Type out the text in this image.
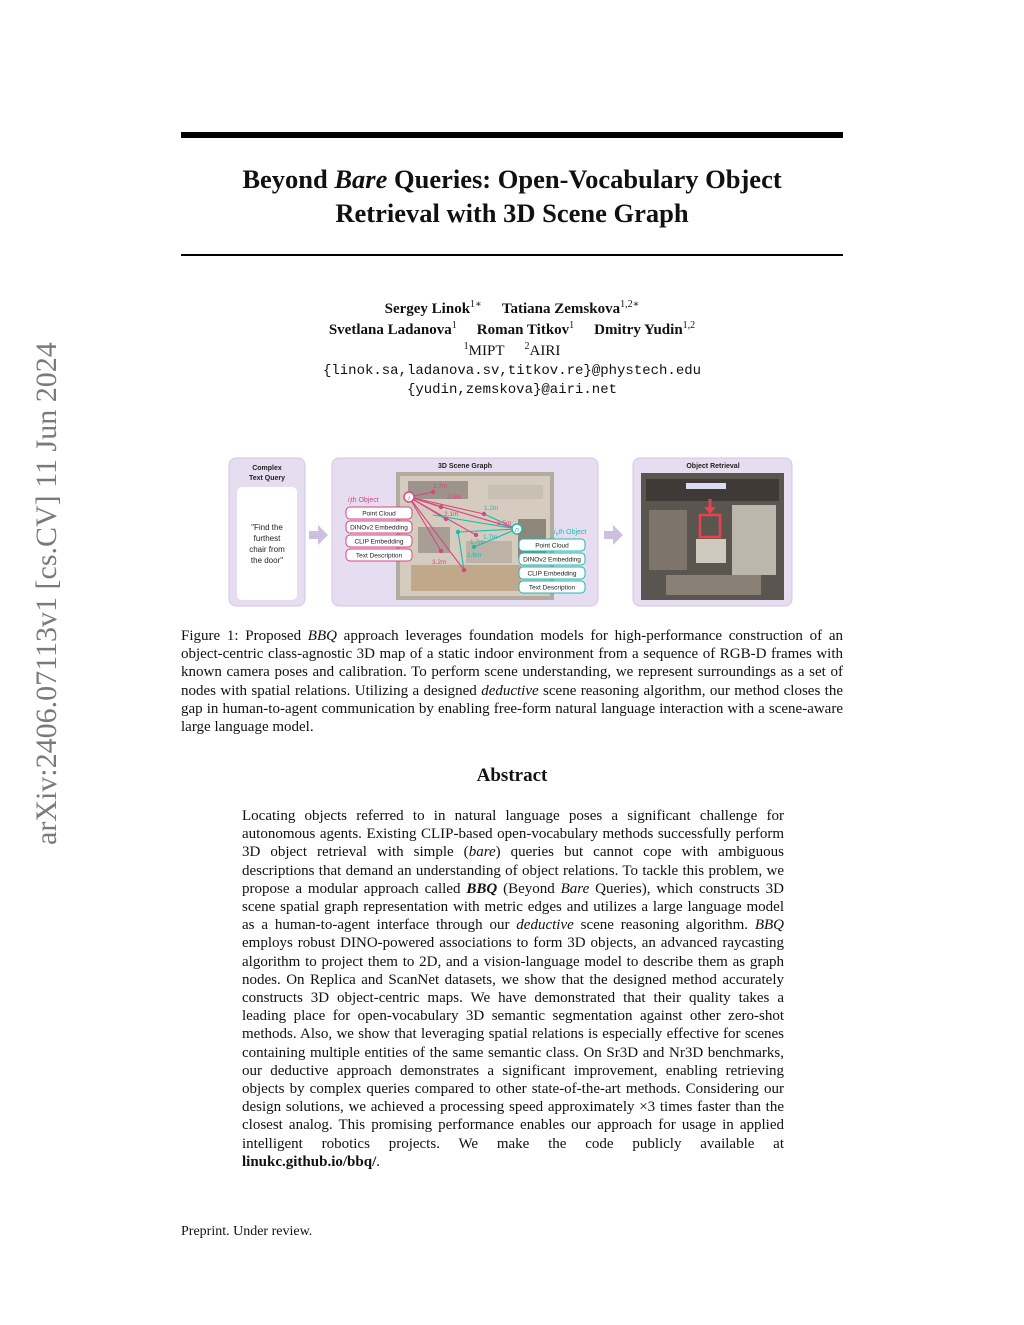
arXiv:2406.07113v1 [cs.CV] 11 Jun 2024
Beyond Bare Queries: Open-Vocabulary Object
Retrieval with 3D Scene Graph
Sergey Linok$^{1∗}$ Tatiana Zemskova$^{1,2∗}$
Svetlana Ladanova$^1$ Roman Titkov$^1$ Dmitry Yudin$^{1,2}$
$^1$MIPT $^2$AIRI
{linok.sa,ladanova.sv,titkov.re}@phystech.edu
{yudin,zemskova}@airi.net
Complex
Text Query
"Find the
furthest
chair from
the door"
3D Scene Graph
1.7m
2.5m
2.1m
1.2m
3.5m
1.7m
3.2m
1.6m
1.7m
i
$i_jth$ Object
Point Cloud
DINOv2 Embedding
CLIP Embedding
Text Description
n	$i_nth$ Object
Point Cloud
DINOv2 Embedding
CLIP Embedding
Text Description
Object Retrieval
Figure 1: Proposed BBQ approach leverages foundation models for high-performance construction of an object-centric class-agnostic 3D map of a static indoor environment from a sequence of RGB-D frames with known camera poses and calibration. To perform scene understanding, we represent surroundings as a set of nodes with spatial relations. Utilizing a designed deductive scene reasoning algorithm, our method closes the gap in human-to-agent communication by enabling free-form natural language interaction with a scene-aware large language model.
Abstract
Locating objects referred to in natural language poses a significant challenge for autonomous agents. Existing CLIP-based open-vocabulary methods successfully perform 3D object retrieval with simple (bare) queries but cannot cope with ambiguous descriptions that demand an understanding of object relations. To tackle this problem, we propose a modular approach called BBQ (Beyond Bare Queries), which constructs 3D scene spatial graph representation with metric edges and utilizes a large language model as a human-to-agent interface through our deductive scene reasoning algorithm. BBQ employs robust DINO-powered associations to form 3D objects, an advanced raycasting algorithm to project them to 2D, and a vision-language model to describe them as graph nodes. On Replica and ScanNet datasets, we show that the designed method accurately constructs 3D object-centric maps. We have demonstrated that their quality takes a leading place for open-vocabulary 3D semantic segmentation against other zero-shot methods. Also, we show that leveraging spatial relations is especially effective for scenes containing multiple entities of the same semantic class. On Sr3D and Nr3D benchmarks, our deductive approach demonstrates a significant improvement, enabling retrieving objects by complex queries compared to other state-of-the-art methods. Considering our design solutions, we achieved a processing speed approximately ×3 times faster than the closest analog. This promising performance enables our approach for usage in applied intelligent robotics projects. We make the code publicly available at linukc.github.io/bbq/.
Preprint. Under review.
